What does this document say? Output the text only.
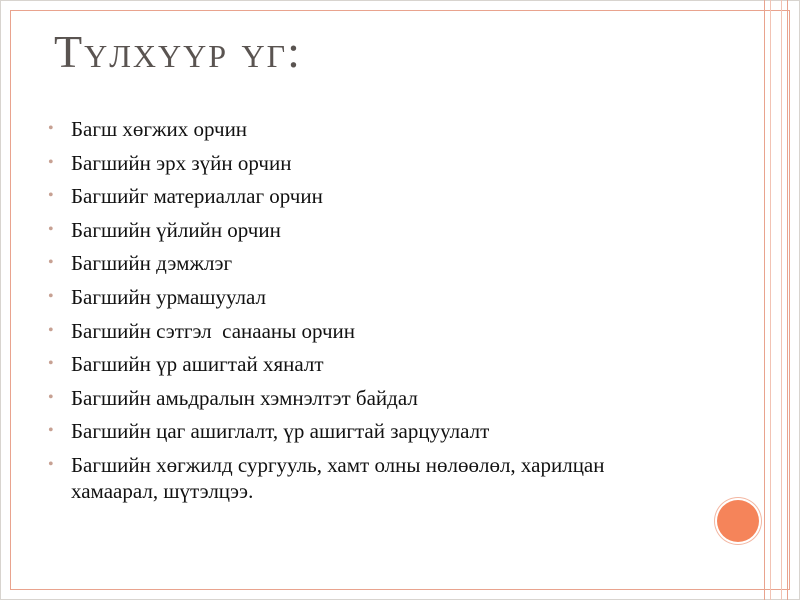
Түлхүүр үг:
• Багш хөгжих орчин
• Багшийн эрх зүйн орчин
• Багшийг материаллаг орчин
• Багшийн үйлийн орчин
• Багшийн дэмжлэг
• Багшийн урмашуулал
• Багшийн сэтгэл  санааны орчин
• Багшийн үр ашигтай хяналт
• Багшийн амьдралын хэмнэлтэт байдал
• Багшийн цаг ашиглалт, үр ашигтай зарцуулалт
• Багшийн хөгжилд сургууль, хамт олны нөлөөлөл, харилцан хамаарал, шүтэлцээ.
